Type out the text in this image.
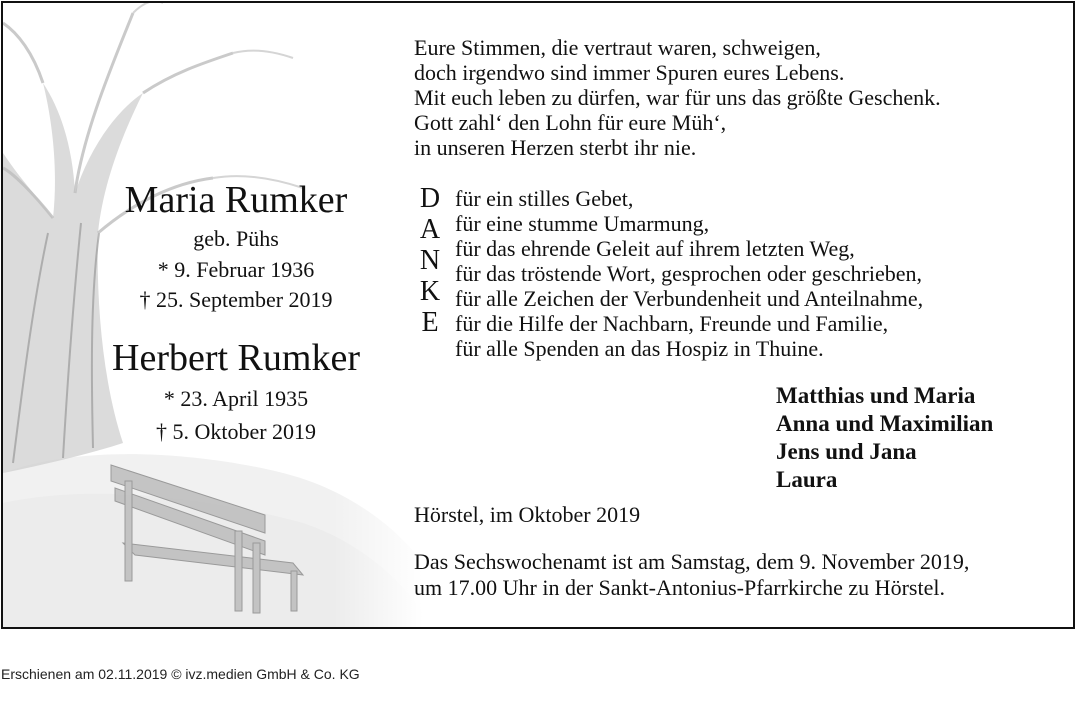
Maria Rumker
geb. Pühs
* 9. Februar 1936
† 25. September 2019
Herbert Rumker
* 23. April 1935
† 5. Oktober 2019
Eure Stimmen, die vertraut waren, schweigen,
doch irgendwo sind immer Spuren eures Lebens.
Mit euch leben zu dürfen, war für uns das größte Geschenk.
Gott zahl‘ den Lohn für eure Müh‘,
in unseren Herzen sterbt ihr nie.
D
A
N
K
E
für ein stilles Gebet,
für eine stumme Umarmung,
für das ehrende Geleit auf ihrem letzten Weg,
für das tröstende Wort, gesprochen oder geschrieben,
für alle Zeichen der Verbundenheit und Anteilnahme,
für die Hilfe der Nachbarn, Freunde und Familie,
für alle Spenden an das Hospiz in Thuine.
Matthias und Maria
Anna und Maximilian
Jens und Jana
Laura
Hörstel, im Oktober 2019
Das Sechswochenamt ist am Samstag, dem 9. November 2019,
um 17.00 Uhr in der Sankt-Antonius-Pfarrkirche zu Hörstel.
Erschienen am 02.11.2019 © ivz.medien GmbH & Co. KG
